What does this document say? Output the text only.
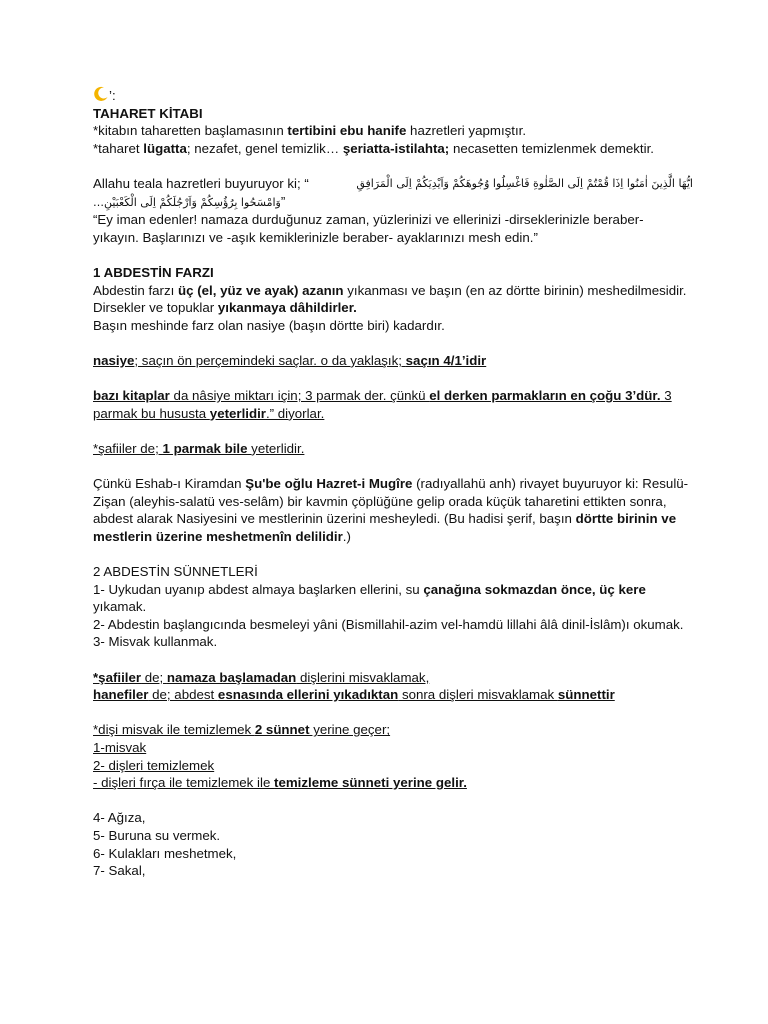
’:

TAHARET KİTABI

*kitabın taharetten başlamasının tertibini ebu hanife hazretleri yapmıştır.

*taharet lügatta; nezafet, genel temizlik… şeriatta-istilahta; necasetten temizlenmek demektir.

Allahu teala hazretleri buyuruyor ki; “	ايُّهَا الَّذِينَ اٰمَنُوا اِذَا قُمْتُمْ اِلَى الصَّلٰوةِ فَاغْسِلُوا وُجُوهَكُمْ وَاَيْدِيَكُمْ اِلَى الْمَرَافِقِ

وَامْسَحُوا بِرُؤُسِكُمْ وَاَرْجُلَكُمْ اِلَى الْكَعْبَيْنِ…”

“Ey iman edenler! namaza durduğunuz zaman, yüzlerinizi ve ellerinizi -dirseklerinizle beraber- yıkayın. Başlarınızı ve -aşık kemiklerinizle beraber- ayaklarınızı mesh edin.”

1 ABDESTİN FARZI

Abdestin farzı üç (el, yüz ve ayak) azanın yıkanması ve başın (en az dörtte birinin) meshedilmesidir.

Dirsekler ve topuklar yıkanmaya dâhildirler.

Başın meshinde farz olan nasiye (başın dörtte biri) kadardır.

nasiye; saçın ön perçemindeki saçlar. o da yaklaşık; saçın 4/1’idir

bazı kitaplar da nâsiye miktarı için; 3 parmak der. çünkü el derken parmakların en çoğu 3’dür. 3 parmak bu hususta yeterlidir.” diyorlar.

*şafiiler de; 1 parmak bile yeterlidir.

Çünkü Eshab-ı Kiramdan Şu'be oğlu Hazret-i Mugîre (radıyallahü anh) rivayet buyuruyor ki: Resulü-Zişan (aleyhis-salatü ves-selâm) bir kavmin çöplüğüne gelip orada küçük taharetini ettikten sonra, abdest alarak Nasiyesini ve mestlerinin üzerini mesheyledi. (Bu hadisi şerif, başın dörtte birinin ve mestlerin üzerine meshetmenîn delilidir.)

2 ABDESTİN SÜNNETLERİ

1- Uykudan uyanıp abdest almaya başlarken ellerini, su çanağına sokmazdan önce, üç kere yıkamak.

2- Abdestin başlangıcında besmeleyi yâni (Bismillahil-azim vel-hamdü lillahi âlâ dinil-İslâm)ı okumak.

3- Misvak kullanmak.

*şafiiler de; namaza başlamadan dişlerini misvaklamak,

hanefiler de; abdest esnasında ellerini yıkadıktan sonra dişleri misvaklamak sünnettir

*dişi misvak ile temizlemek 2 sünnet yerine geçer;

1-misvak

2- dişleri temizlemek

- dişleri fırça ile temizlemek ile temizleme sünneti yerine gelir.

4- Ağıza,

5- Buruna su vermek.

6- Kulakları meshetmek,

7- Sakal,
